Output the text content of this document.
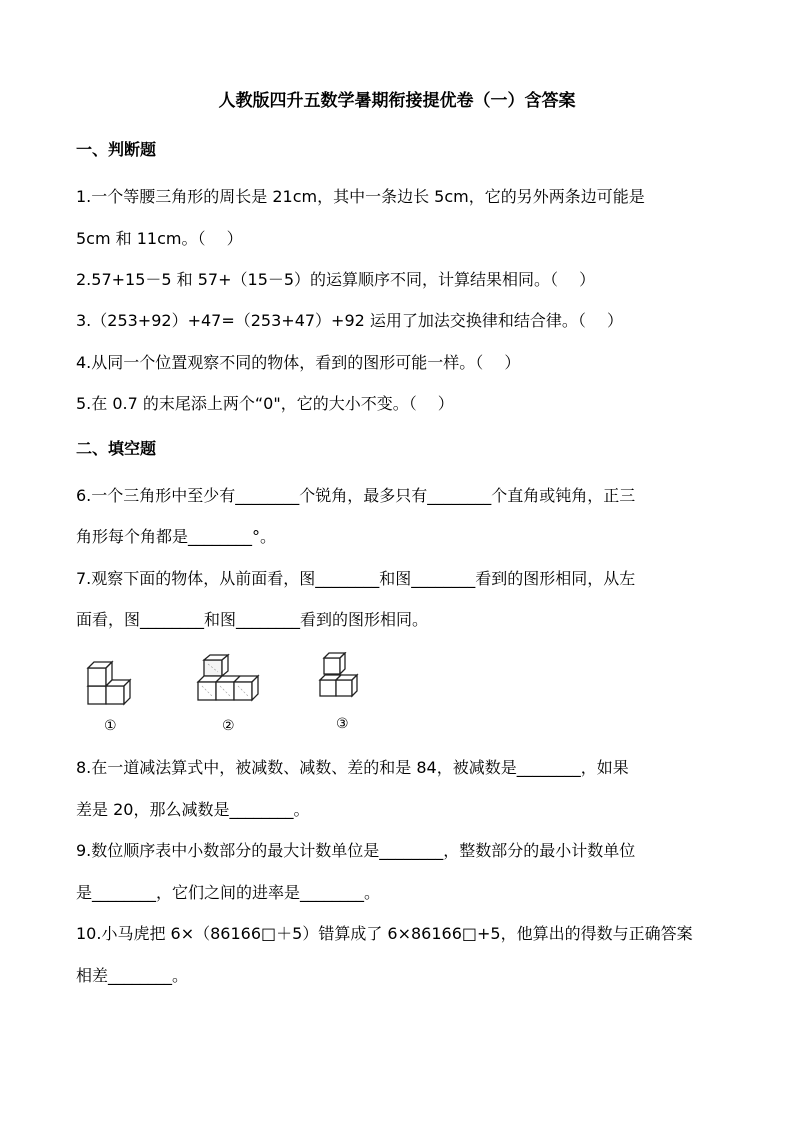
人教版四升五数学暑期衔接提优卷（一）含答案
一、判断题
1.一个等腰三角形的周长是 21cm，其中一条边长 5cm，它的另外两条边可能是
5cm 和 11cm。（　 ）
2.57+15－5 和 57+（15－5）的运算顺序不同，计算结果相同。（　 ）
3.（253+92）+47=（253+47）+92 运用了加法交换律和结合律。（　 ）
4.从同一个位置观察不同的物体，看到的图形可能一样。（　 ）
5.在 0.7 的末尾添上两个“0"，它的大小不变。（　 ）
二、填空题
6.一个三角形中至少有________个锐角，最多只有________个直角或钝角，正三
角形每个角都是________°。
7.观察下面的物体，从前面看，图________和图________看到的图形相同，从左
面看，图________和图________看到的图形相同。
①	②	③
8.在一道减法算式中，被减数、减数、差的和是 84，被减数是________，如果
差是 20，那么减数是________。
9.数位顺序表中小数部分的最大计数单位是________，整数部分的最小计数单位
是________，它们之间的进率是________。
10.小马虎把 6×（86166□＋5）错算成了 6×86166□+5，他算出的得数与正确答案
相差________。
